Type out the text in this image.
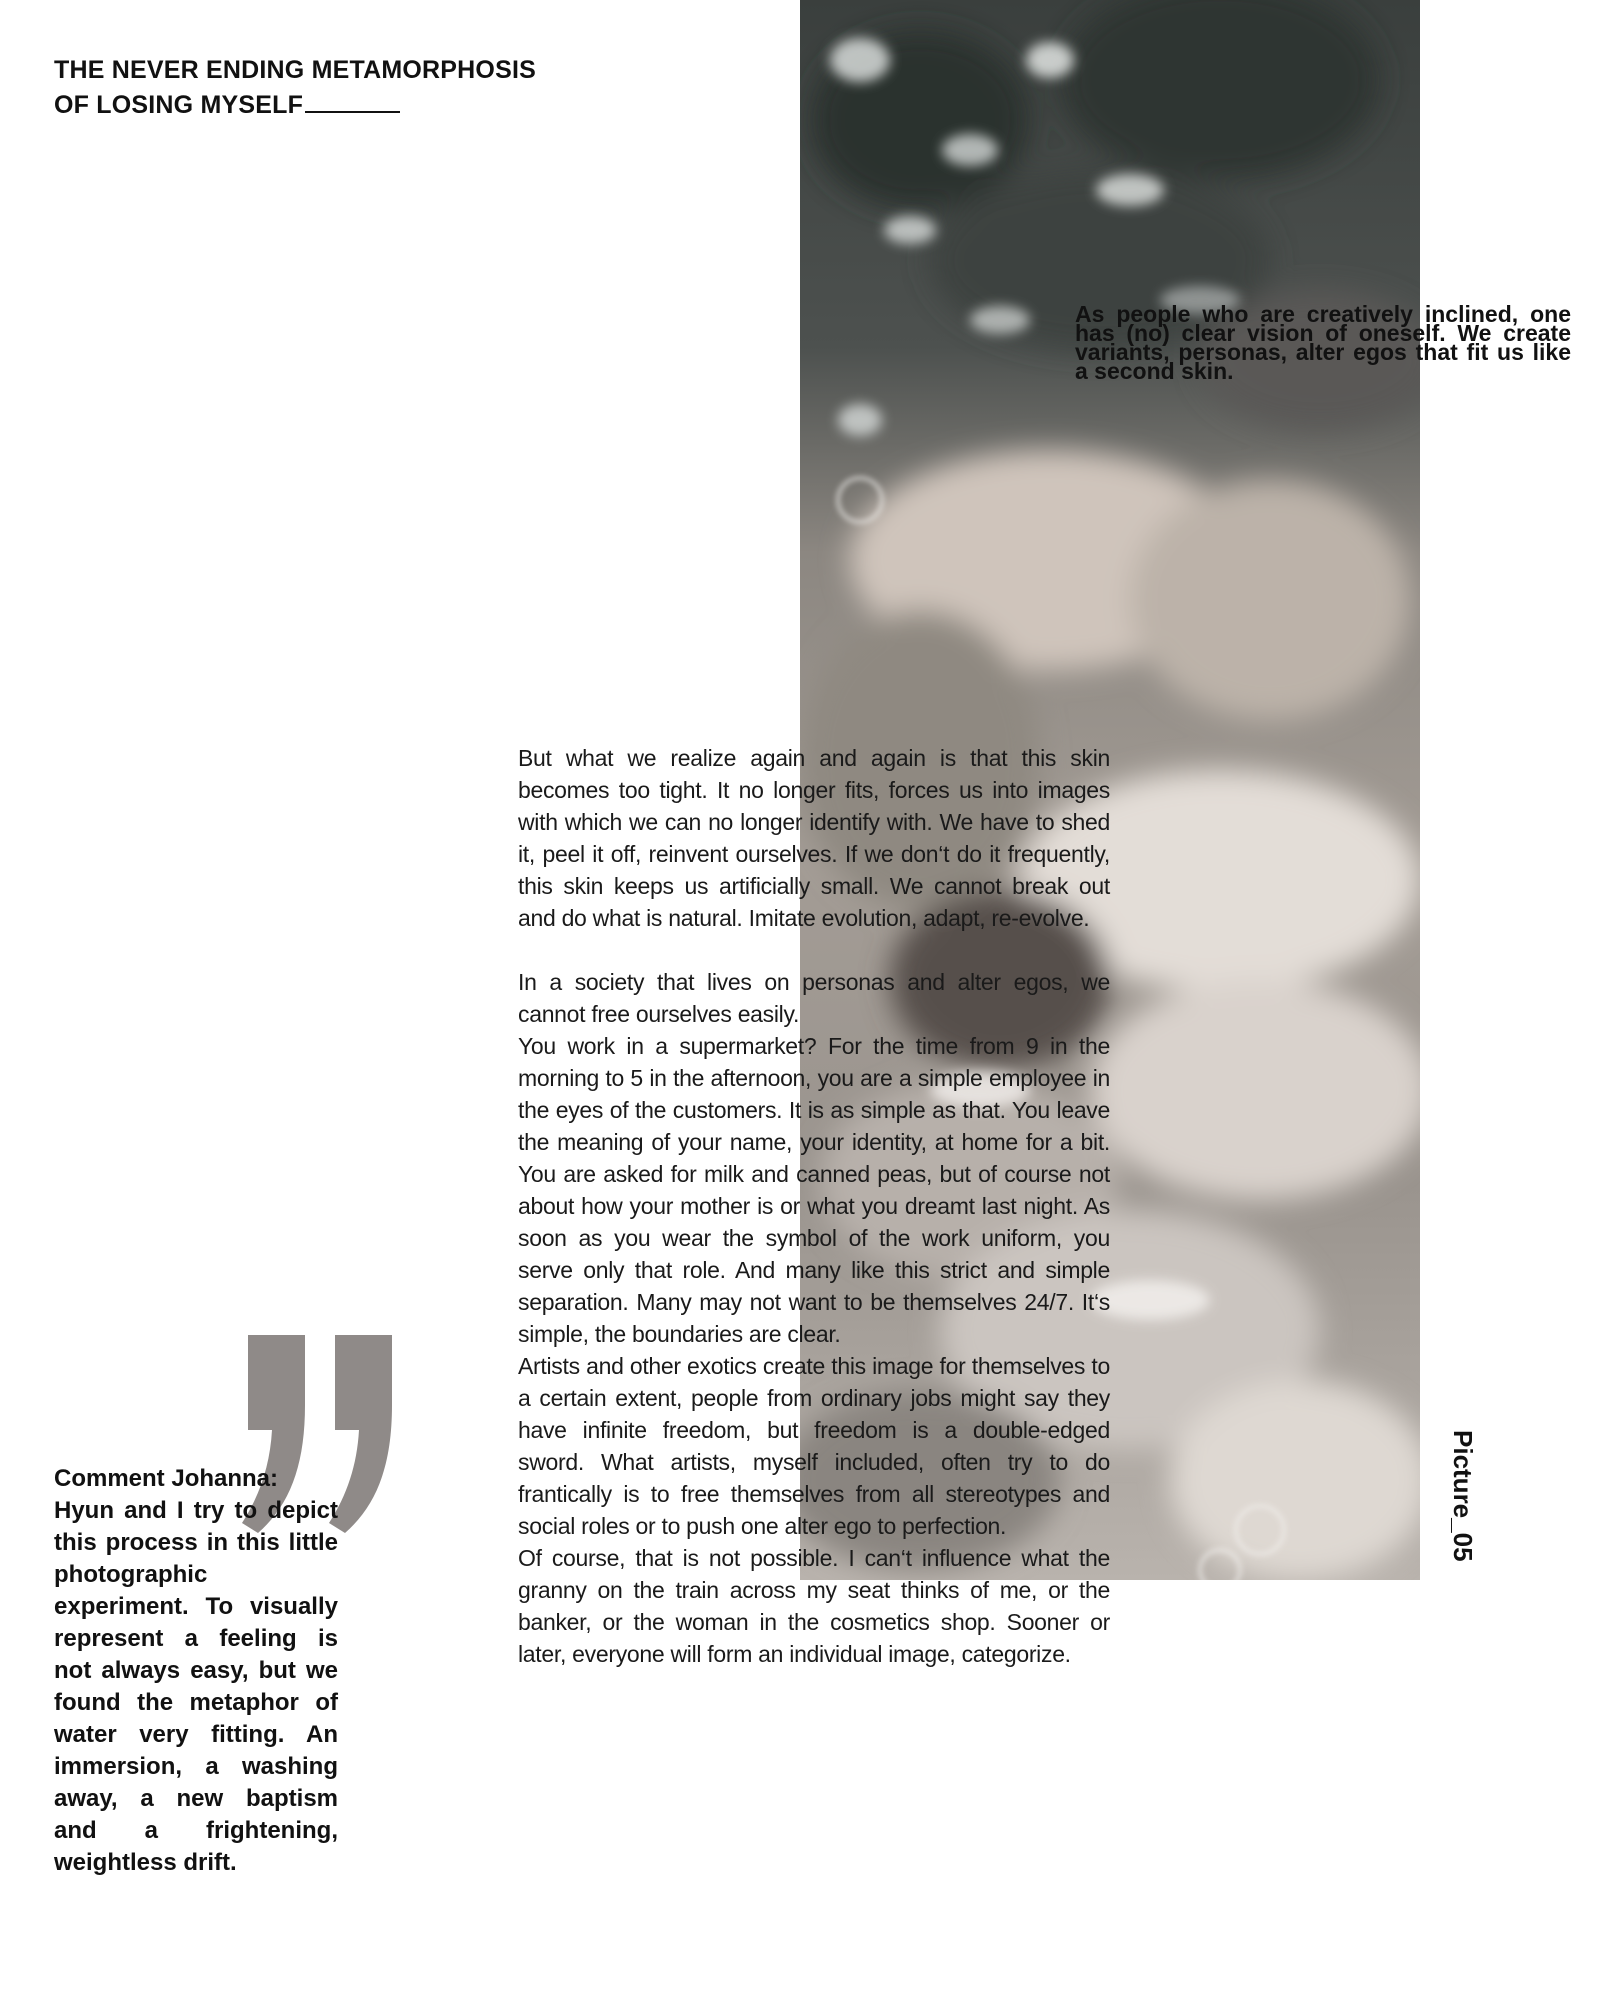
THE NEVER ENDING METAMORPHOSIS
OF LOSING MYSELF

As people who are creatively inclined, one has (no) clear vision of oneself. We create variants, personas, alter egos that fit us like a second skin.

But what we realize again and again is that this skin becomes too tight. It no longer fits, forces us into images with which we can no longer identify with. We have to shed it, peel it off, reinvent ourselves. If we don‘t do it frequently, this skin keeps us artificially small. We cannot break out and do what is natural. Imitate evolution, adapt, re-evolve.

In a society that lives on personas and alter egos, we cannot free ourselves easily.

You work in a supermarket? For the time from 9 in the morning to 5 in the afternoon, you are a simple employee in the eyes of the customers. It is as simple as that. You leave the meaning of your name, your identity, at home for a bit. You are asked for milk and canned peas, but of course not about how your mother is or what you dreamt last night. As soon as you wear the symbol of the work uniform, you serve only that role. And many like this strict and simple separation. Many may not want to be themselves 24/7. It‘s simple, the boundaries are clear.

Artists and other exotics create this image for themselves to a certain extent, people from ordinary jobs might say they have infinite freedom, but freedom is a double-edged sword. What artists, myself included, often try to do frantically is to free themselves from all stereotypes and social roles or to push one alter ego to perfection.

Of course, that is not possible. I can‘t influence what the granny on the train across my seat thinks of me, or the banker, or the woman in the cosmetics shop. Sooner or later, everyone will form an individual image, categorize.

Comment Johanna:
Hyun and I try to depict this process in this little photographic experiment. To visually represent a feeling is not always easy, but we found the metaphor of water very fitting. An immersion, a washing away, a new baptism and a frightening, weightless drift.

Picture_05
